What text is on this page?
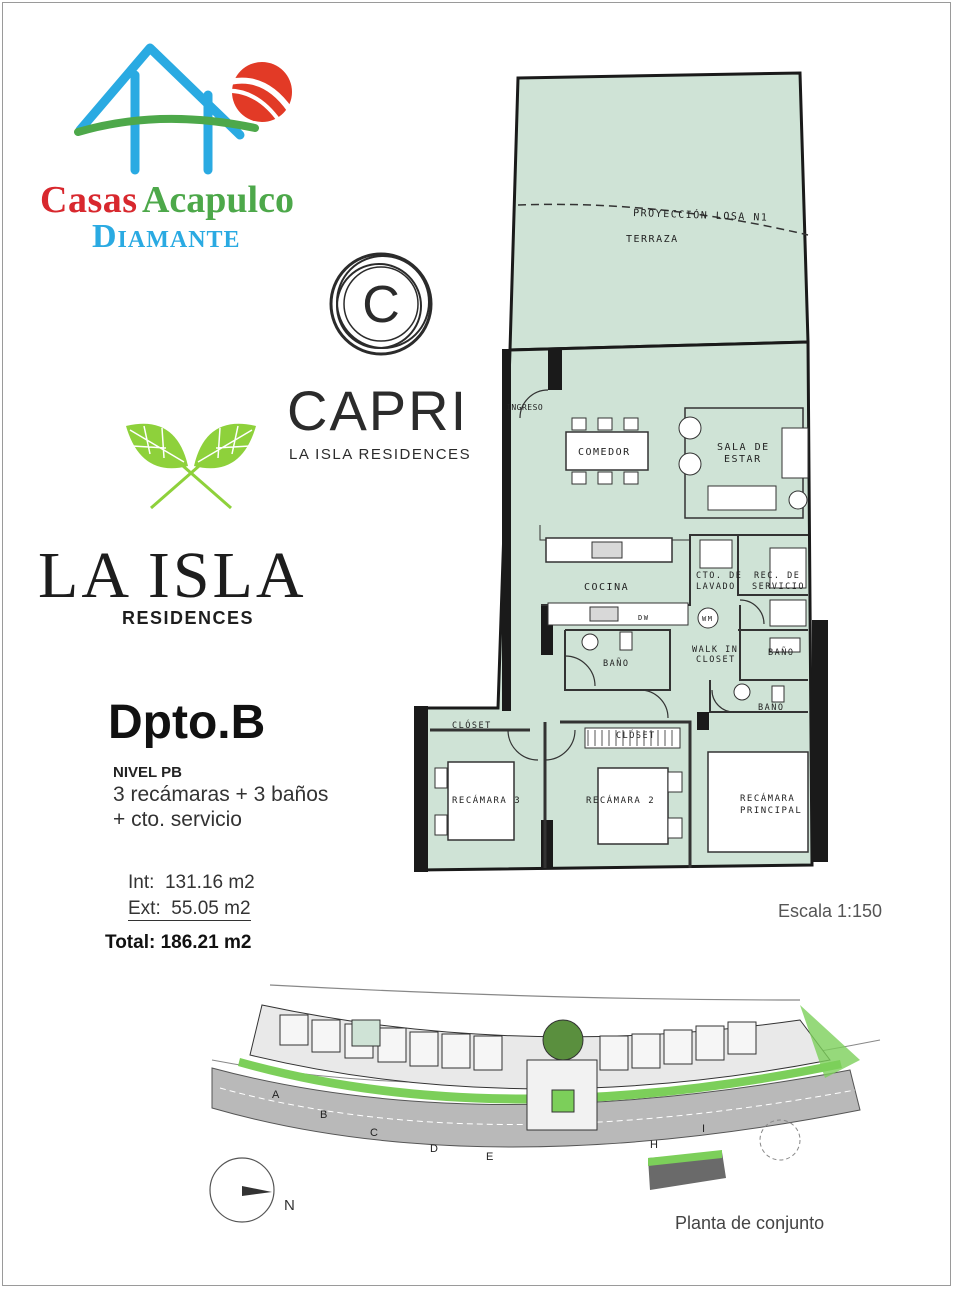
Casas Acapulco
Diamante
C
CAPRI
LA ISLA RESIDENCES
LA ISLA
RESIDENCES
Dpto.B
NIVEL PB
3 recámaras + 3 baños
+ cto. servicio
Int:  131.16 m2
Ext:  55.05 m2
Total: 186.21 m2
PROYECCIÓN LOSA N1
TERRAZA
INGRESO
COMEDOR	SALA DE
ESTAR
COCINA
DW	WM
CTO. DE
LAVADO
REC. DE
SERVICIO
BAÑO
WALK IN
CLOSET
BAÑO
BAÑO
CLÓSET
CLÓSET
RECÁMARA 3	RECÁMARA 2	RECÁMARA
PRINCIPAL
Escala 1:150
A
B
C
D
E
H
I
N
Planta de conjunto
